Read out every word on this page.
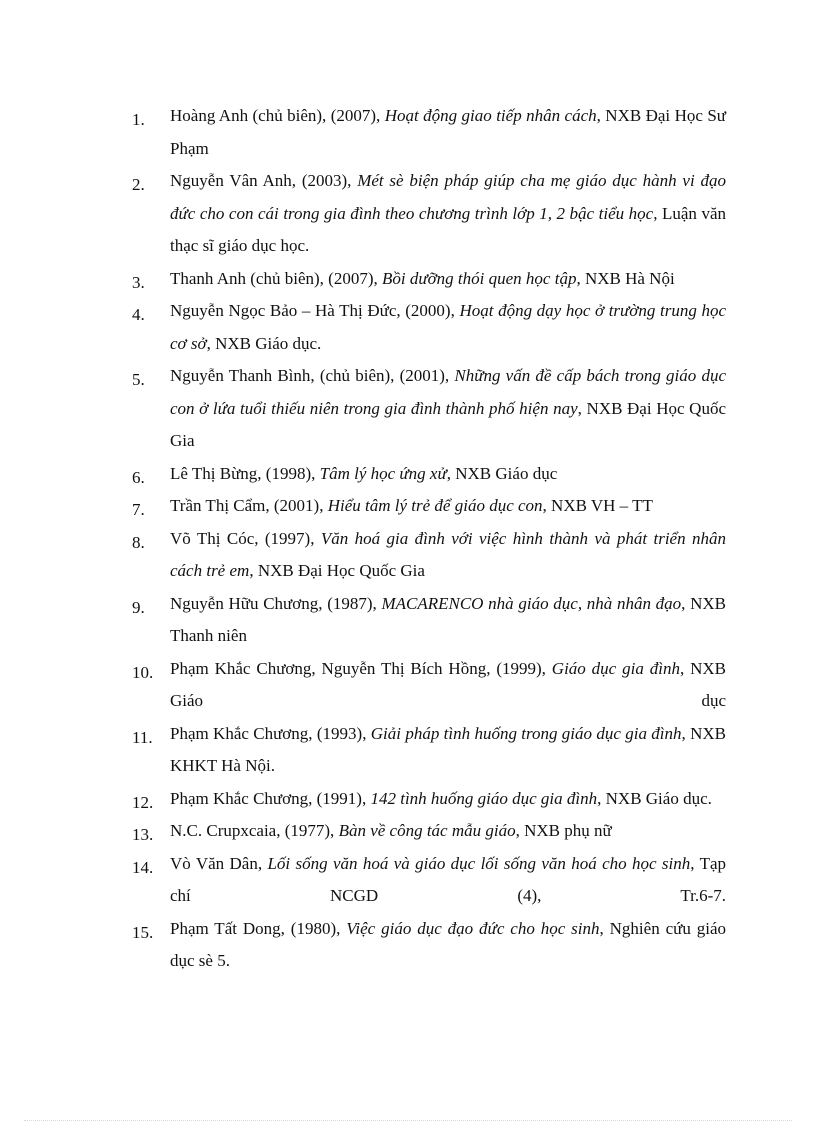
1. Hoàng Anh (chủ biên), (2007), Hoạt động giao tiếp nhân cách, NXB Đại Học Sư Phạm
2. Nguyễn Vân Anh, (2003), Mét sè biện pháp giúp cha mẹ giáo dục hành vi đạo đức cho con cái trong gia đình theo chương trình lớp 1, 2 bậc tiểu học, Luận văn thạc sĩ giáo dục học.
3. Thanh Anh (chủ biên), (2007), Bồi dưỡng thói quen học tập, NXB Hà Nội
4. Nguyễn Ngọc Bảo – Hà Thị Đức, (2000), Hoạt động dạy học ở trường trung học cơ sở, NXB Giáo dục.
5. Nguyễn Thanh Bình, (chủ biên), (2001), Những vấn đề cấp bách trong giáo dục con ở lứa tuổi thiếu niên trong gia đình thành phố hiện nay, NXB Đại Học Quốc Gia
6. Lê Thị Bừng, (1998), Tâm lý học ứng xử, NXB Giáo dục
7. Trần Thị Cẩm, (2001), Hiểu tâm lý trẻ để giáo dục con, NXB VH – TT
8. Võ Thị Cóc, (1997), Văn hoá gia đình với việc hình thành và phát triển nhân cách trẻ em, NXB Đại Học Quốc Gia
9. Nguyễn Hữu Chương, (1987), MACARENCO nhà giáo dục, nhà nhân đạo, NXB Thanh niên
10. Phạm Khắc Chương, Nguyễn Thị Bích Hồng, (1999), Giáo dục gia đình, NXB Giáo dục
11. Phạm Khắc Chương, (1993), Giải pháp tình huống trong giáo dục gia đình, NXB KHKT Hà Nội.
12. Phạm Khắc Chương, (1991), 142 tình huống giáo dục gia đình, NXB Giáo dục.
13. N.C. Crupxcaia, (1977), Bàn về công tác mẫu giáo, NXB phụ nữ
14. Vò Văn Dân, Lối sống văn hoá và giáo dục lối sống văn hoá cho học sinh, Tạp chí NCGD (4), Tr.6-7.
15. Phạm Tất Dong, (1980), Việc giáo dục đạo đức cho học sinh, Nghiên cứu giáo dục sè 5.
